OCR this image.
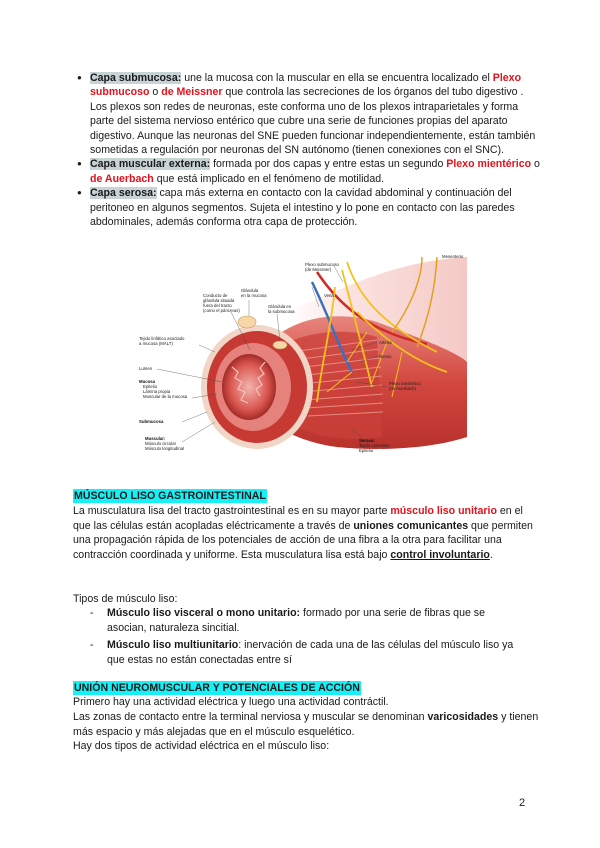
● Capa submucosa: une la mucosa con la muscular en ella se encuentra localizado el Plexo submucoso o de Meissner que controla las secreciones de los órganos del tubo digestivo . Los plexos son redes de neuronas, este conforma uno de los plexos intraparietales y forma parte del sistema nervioso entérico que cubre una serie de funciones propias del aparato digestivo. Aunque las neuronas del SNE pueden funcionar independientemente, están también sometidas a regulación por neuronas del SN autónomo (tienen conexiones con el SNC).
● Capa muscular externa: formada por dos capas y entre estas un segundo Plexo mientérico o de Auerbach que está implicado en el fenómeno de motilidad.
● Capa serosa: capa más externa en contacto con la cavidad abdominal y continuación del peritoneo en algunos segmentos. Sujeta el intestino y lo pone en contacto con las paredes abdominales, además conforma otra capa de protección.
Mesenterio
Plexo submucoso
(de Meissner)
Vena
Glándula
en la mucosa
Conducto de
glándula situada
fuera del tracto
(como el páncreas)
Glándula en
la submucosa
Arteria
Nervio
Tejido linfático asociado
a mucosa (MALT)
Lumen
Mucosa
Epitelio
Lámina propia
Muscular de la mucosa
Plexo mientérico
(de Auerbach)
Submucosa
Muscular:
Músculo circular
Músculo longitudinal
Serosa:
Tejido conectivo
Epitelio
MÚSCULO LISO GASTROINTESTINAL

La musculatura lisa del tracto gastrointestinal es en su mayor parte músculo liso unitario en el que las células están acopladas eléctricamente a través de uniones comunicantes que permiten una propagación rápida de los potenciales de acción de una fibra a la otra para facilitar una contracción coordinada y uniforme. Esta musculatura lisa está bajo control involuntario.

Tipos de músculo liso:

- Músculo liso visceral o mono unitario: formado por una serie de fibras que se asocian, naturaleza sincitial.
- Músculo liso multiunitario: inervación de cada una de las células del músculo liso ya que estas no están conectadas entre sí
UNIÓN NEUROMUSCULAR Y POTENCIALES DE ACCIÓN

Primero hay una actividad eléctrica y luego una actividad contráctil.

Las zonas de contacto entre la terminal nerviosa y muscular se denominan varicosidades y tienen más espacio y más alejadas que en el músculo esquelético.

Hay dos tipos de actividad eléctrica en el músculo liso:

2
